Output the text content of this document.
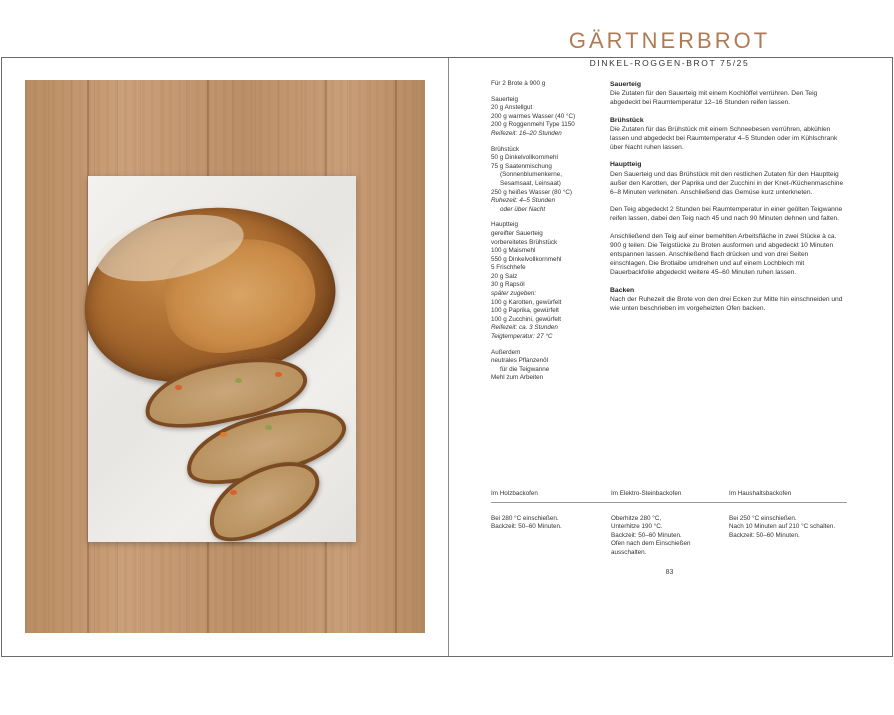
GÄRTNERBROT
DINKEL-ROGGEN-BROT 75/25
Für 2 Brote à 900 g
Sauerteig
20 g Anstellgut
200 g warmes Wasser (40 °C)
200 g Roggenmehl Type 1150
Reifezeit: 16–20 Stunden
Brühstück
50 g Dinkelvollkornmehl
75 g Saatenmischung
(Sonnenblumenkerne,
Sesamsaat, Leinsaat)
250 g heißes Wasser (80 °C)
Ruhezeit: 4–5 Stunden
oder über Nacht
Hauptteig
gereifter Sauerteig
vorbereitetes Brühstück
100 g Maismehl
550 g Dinkelvollkornmehl
5 Frischhefe
20 g Salz
30 g Rapsöl
später zugeben:
100 g Karotten, gewürfelt
100 g Paprika, gewürfelt
100 g Zucchini, gewürfelt
Reifezeit: ca. 3 Stunden
Teigtemperatur: 27 °C
Außerdem
neutrales Pflanzenöl
für die Teigwanne
Mehl zum Arbeiten
Sauerteig

Die Zutaten für den Sauerteig mit einem Kochlöffel verrühren. Den Teig abgedeckt bei Raumtemperatur 12–16 Stunden reifen lassen.

Brühstück

Die Zutaten für das Brühstück mit einem Schneebesen verrühren, abkühlen lassen und abgedeckt bei Raumtemperatur 4–5 Stunden oder im Kühlschrank über Nacht ruhen lassen.

Hauptteig

Den Sauerteig und das Brühstück mit den restlichen Zutaten für den Hauptteig außer den Karotten, der Paprika und der Zucchini in der Knet-/Küchenmaschine 6–8 Minuten verkneten. Anschließend das Gemüse kurz unterkneten.

Den Teig abgedeckt 2 Stunden bei Raumtemperatur in einer geölten Teigwanne reifen lassen, dabei den Teig nach 45 und nach 90 Minuten dehnen und falten.

Anschließend den Teig auf einer bemehlten Arbeitsfläche in zwei Stücke à ca. 900 g teilen. Die Teigstücke zu Broten ausformen und abgedeckt 10 Minuten entspannen lassen. Anschließend flach drücken und von drei Seiten einschlagen. Die Brotlaibe umdrehen und auf einem Lochblech mit Dauerbackfolie abgedeckt weitere 45–60 Minuten ruhen lassen.

Backen

Nach der Ruhezeit die Brote von den drei Ecken zur Mitte hin einschneiden und wie unten beschrieben im vorgeheizten Ofen backen.

Im Holzbackofen
Bei 280 °C einschießen.
Backzeit: 50–60 Minuten.
Im Elektro-Steinbackofen
Oberhitze 280 °C,
Unterhitze 190 °C.
Backzeit: 50–60 Minuten.
Ofen nach dem Einschießen
ausschalten.
Im Haushaltsbackofen
Bei 250 °C einschießen.
Nach 10 Minuten auf 210 °C schalten.
Backzeit: 50–60 Minuten.
83
